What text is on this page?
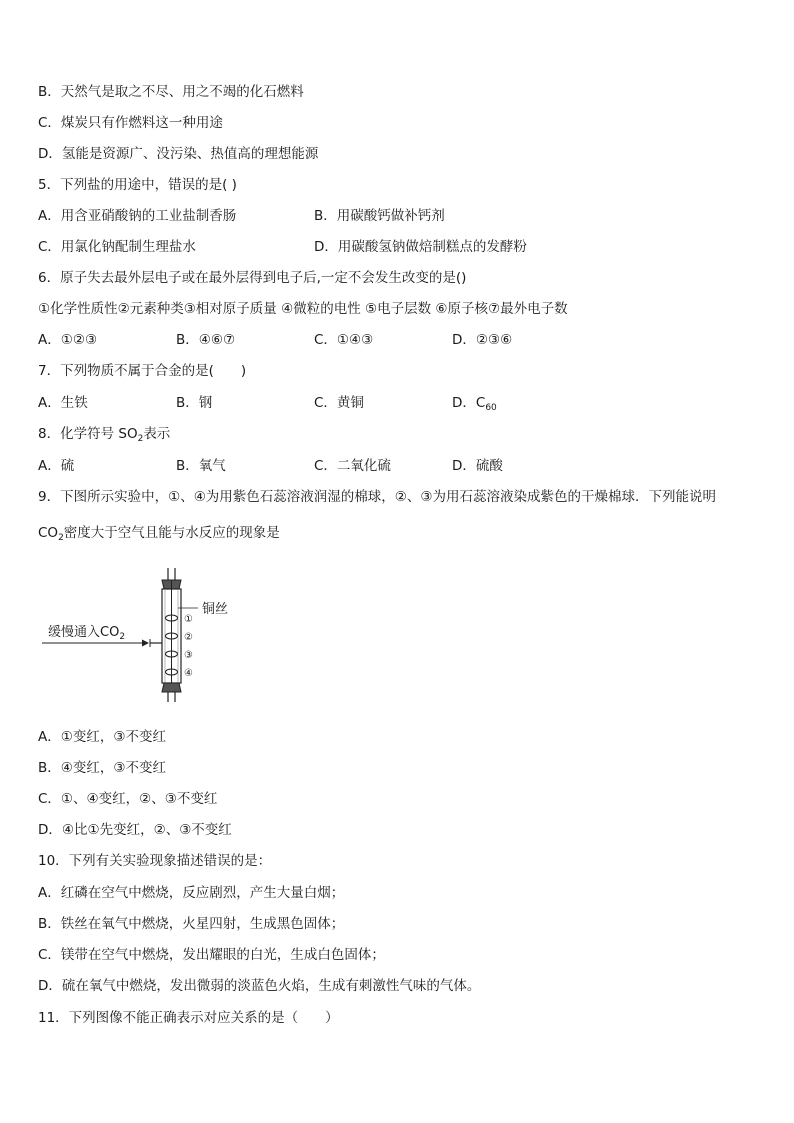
B．天然气是取之不尽、用之不竭的化石燃料
C．煤炭只有作燃料这一种用途
D．氢能是资源广、没污染、热值高的理想能源
5．下列盐的用途中，错误的是( )
A．用含亚硝酸钠的工业盐制香肠	B．用碳酸钙做补钙剂
C．用氯化钠配制生理盐水	D．用碳酸氢钠做焙制糕点的发酵粉
6．原子失去最外层电子或在最外层得到电子后,一定不会发生改变的是()
①化学性质性②元素种类③相对原子质量 ④微粒的电性 ⑤电子层数 ⑥原子核⑦最外电子数
A．①②③	B．④⑥⑦	C．①④③	D．②③⑥
7．下列物质不属于合金的是(　　)
A．生铁	B．钢	C．黄铜	D．$C_{60}$
8．化学符号 $SO_2$表示
A．硫	B．氧气	C．二氧化硫	D．硫酸
9．下图所示实验中，①、④为用紫色石蕊溶液润湿的棉球，②、③为用石蕊溶液染成紫色的干燥棉球．下列能说明
$CO_2$密度大于空气且能与水反应的现象是
缓慢通入$CO_2$
铜丝
①
②
③
④
A．①变红，③不变红
B．④变红，③不变红
C．①、④变红，②、③不变红
D．④比①先变红，②、③不变红
10．下列有关实验现象描述错误的是：
A．红磷在空气中燃烧，反应剧烈，产生大量白烟；
B．铁丝在氧气中燃烧，火星四射，生成黑色固体；
C．镁带在空气中燃烧，发出耀眼的白光，生成白色固体；
D．硫在氧气中燃烧，发出微弱的淡蓝色火焰，生成有刺激性气味的气体。
11．下列图像不能正确表示对应关系的是（　　）
